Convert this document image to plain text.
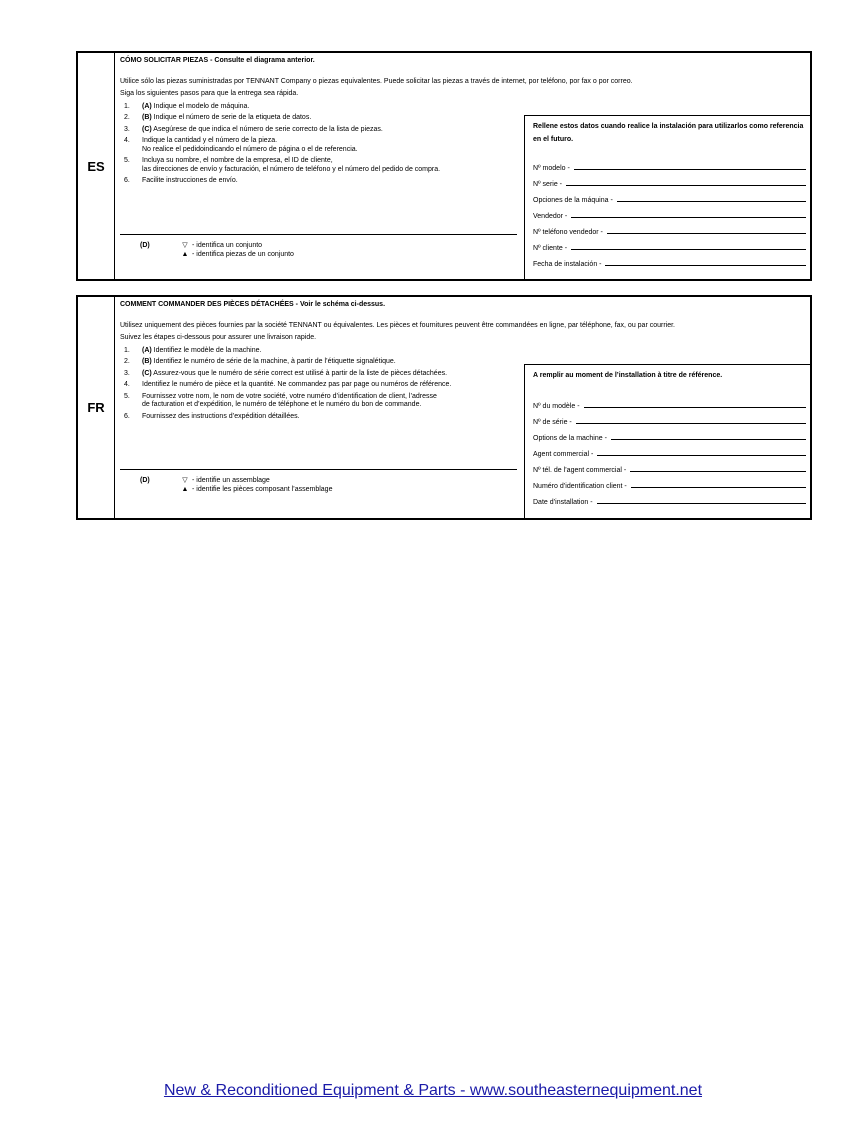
ES
CÓMO SOLICITAR PIEZAS - Consulte el diagrama anterior.
Utilice sólo las piezas suministradas por TENNANT Company o piezas equivalentes. Puede solicitar las piezas a través de internet, por teléfono, por fax o por correo.
Siga los siguientes pasos para que la entrega sea rápida.
1.	(A) Indique el modelo de máquina.
2.	(B) Indique el número de serie de la etiqueta de datos.
3.	(C) Asegúrese de que indica el número de serie correcto de la lista de piezas.
4.	Indique la cantidad y el número de la pieza.
No realice el pedidoindicando el número de página o el de referencia.
5.	Incluya su nombre, el nombre de la empresa, el ID de cliente,
las direcciones de envío y facturación, el número de teléfono y el número del pedido de compra.
6.	Facilite instrucciones de envío.
(D)	▽ - identifica un conjunto
▲ - identifica piezas de un conjunto
Rellene estos datos cuando realice la instalación para utilizarlos como referencia en el futuro.
Nº modelo -
Nº serie -
Opciones de la máquina -
Vendedor -
Nº teléfono vendedor -
Nº cliente -
Fecha de instalación -
FR
COMMENT COMMANDER DES PIÈCES DÉTACHÉES - Voir le schéma ci-dessus.
Utilisez uniquement des pièces fournies par la société TENNANT ou équivalentes. Les pièces et fournitures peuvent être commandées en ligne, par téléphone, fax, ou par courrier.
Suivez les étapes ci-dessous pour assurer une livraison rapide.
1.	(A) Identifiez le modèle de la machine.
2.	(B) Identifiez le numéro de série de la machine, à partir de l’étiquette signalétique.
3.	(C) Assurez-vous que le numéro de série correct est utilisé à partir de la liste de pièces détachées.
4.	Identifiez le numéro de pièce et la quantité. Ne commandez pas par page ou numéros de référence.
5.	Fournissez votre nom, le nom de votre société, votre numéro d’identification de client, l’adresse
de facturation et d’expédition, le numéro de téléphone et le numéro du bon de commande.
6.	Fournissez des instructions d’expédition détaillées.
(D)	▽ - identifie un assemblage
▲ - identifie les pièces composant l’assemblage
A remplir au moment de l’installation à titre de référence.
Nº du modèle -
Nº de série -
Options de la machine -
Agent commercial -
Nº tél. de l’agent commercial -
Numéro d’identification client -
Date d’installation -
New & Reconditioned Equipment & Parts - www.southeasternequipment.net
